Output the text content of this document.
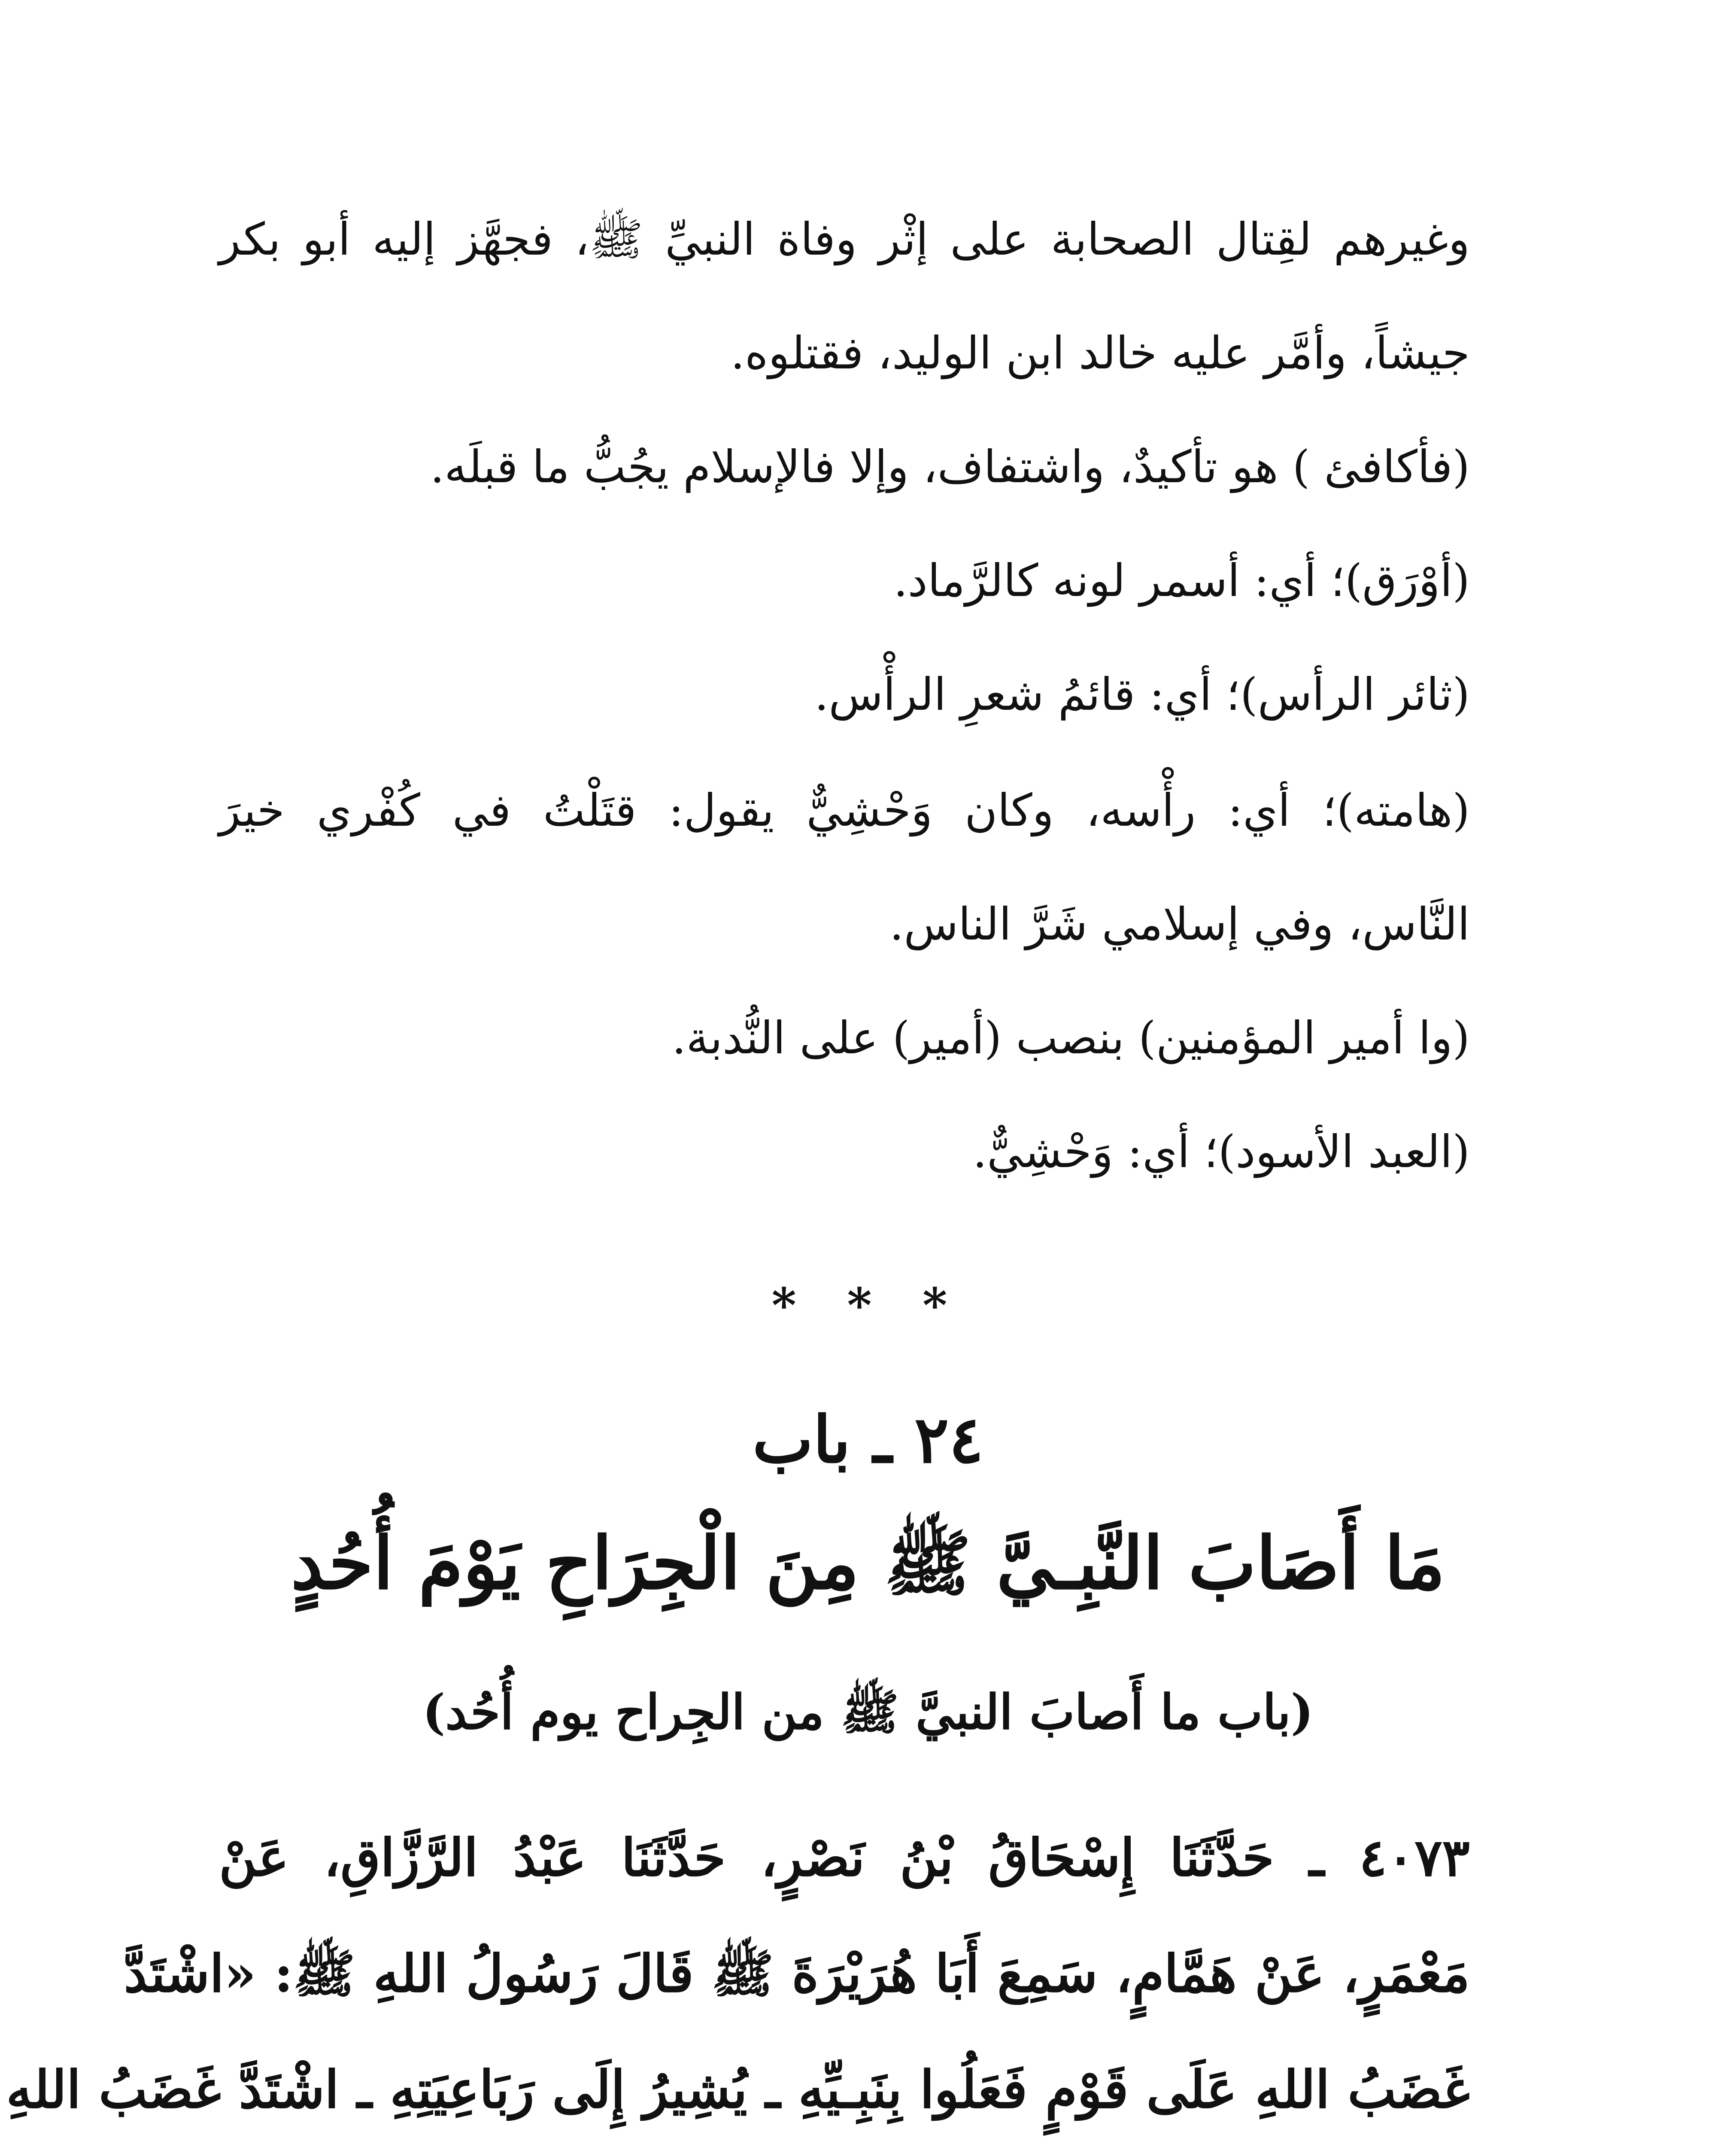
وغيرهم لقِتال الصحابة على إثْر وفاة النبيِّ ﷺ، فجهَّز إليه أبو بكر
جيشاً، وأمَّر عليه خالد ابن الوليد، فقتلوه.
(فأكافئ ) هو تأكيدٌ، واشتفاف، وإلا فالإسلام يجُبُّ ما قبلَه.
(أوْرَق)؛ أي: أسمر لونه كالرَّماد.
(ثائر الرأس)؛ أي: قائمُ شعرِ الرأْس.
(هامته)؛ أي: رأْسه، وكان وَحْشِيٌّ يقول: قتَلْتُ في كُفْري خيرَ
النَّاس، وفي إسلامي شَرَّ الناس.
(وا أمير المؤمنين) بنصب (أمير) على النُّدبة.
(العبد الأسود)؛ أي: وَحْشِيٌّ.
* * *
٢٤ ـ باب
مَا أَصَابَ النَّبِـيَّ ﷺ مِنَ الْجِرَاحِ يَوْمَ أُحُدٍ
(باب ما أَصابَ النبيَّ ﷺ من الجِراح يوم أُحُد)
٤٠٧٣ ـ حَدَّثَنَا إِسْحَاقُ بْنُ نَصْرٍ، حَدَّثَنَا عَبْدُ الرَّزَّاقِ، عَنْ
مَعْمَرٍ، عَنْ هَمَّامٍ، سَمِعَ أَبَا هُرَيْرَةَ ﷺ قَالَ رَسُولُ اللهِ ﷺ: «اشْتَدَّ
غَضَبُ اللهِ عَلَى قَوْمٍ فَعَلُوا بِنَبِـيِّهِ ـ يُشِيرُ إِلَى رَبَاعِيَتِهِ ـ اشْتَدَّ غَضَبُ اللهِ
